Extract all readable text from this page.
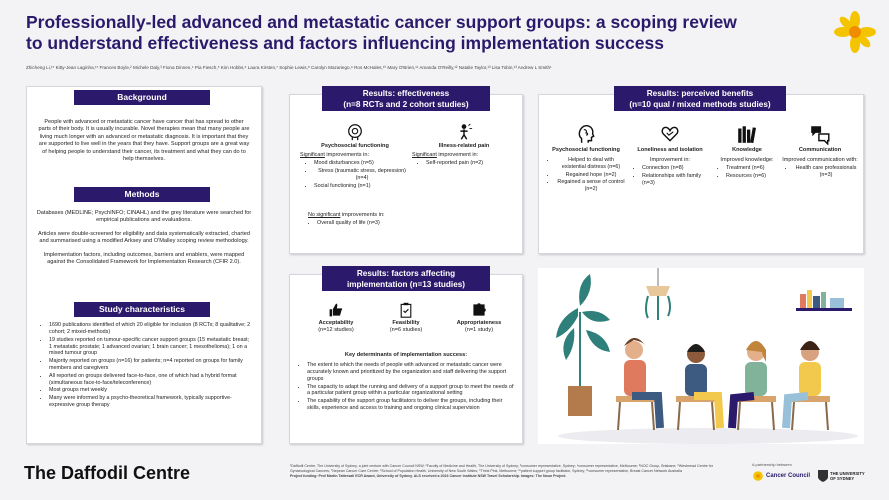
Professionally-led advanced and metastatic cancer support groups: a scoping review
to understand effectiveness and factors influencing implementation success
Zhicheng Li,¹* Kitty-Jean Laginha,¹* Frances Boyle,² Michele Daly,³ Fiona Dinnen,⁴ Pia Fiesch,⁵ Kim Hobbs,⁶ Laura Kirsten,⁷ Sophie Lewis,⁸ Carolyn Mazariego,⁹ Ros McHales,¹⁰ Mary O'Brien,¹¹ Amanda O'Reilly,¹² Natalie Taylor,¹³ Lisa Tobin,¹³ Andrew L Smith¹
Background
People with advanced or metastatic cancer have cancer that has spread to other parts of their body. It is usually incurable. Novel therapies mean that many people are living much longer with an advanced or metastatic diagnosis. It is important that they are supported to live well in the years that they have. Support groups are a great way of helping people to understand their cancer, its treatment and what they can do to help themselves.
Methods
Databases (MEDLINE; PsychINFO; CINAHL) and the grey literature were searched for empirical publications and evaluations.
Articles were double-screened for eligibility and data systematically extracted, charted and summarised using a modified Arksey and O'Malley scoping review methodology.
Implementation factors, including outcomes, barriers and enablers, were mapped against the Consolidated Framework for Implementation Research (CFIR 2.0).
Study characteristics
• 1690 publications identified of which 20 eligible for inclusion (8 RCTs; 8 qualitative; 2 cohort; 2 mixed-methods)
• 19 studies reported on tumour-specific cancer support groups (15 metastatic breast; 1 metastatic prostate; 1 advanced ovarian; 1 brain cancer; 1 mesothelioma); 1 on a mixed tumour group
• Majority reported on groups (n=16) for patients; n=4 reported on groups for family members and caregivers
• All reported on groups delivered face-to-face, one of which had a hybrid format (simultaneous face-to-face/teleconference)
• Most groups met weekly
• Many were informed by a psycho-theoretical framework, typically supportive-expressive group therapy
Results: effectiveness
(n=8 RCTs and 2 cohort studies)
Psychosocial functioning
Significant improvements in:
• Mood disturbances (n=5)
• Stress (traumatic stress, depression) (n=4)
• Social functioning (n=1)
Illness-related pain
Significant improvement in:
• Self-reported pain (n=2)
No significant improvements in:
• Overall quality of life (n=3)
Results: perceived benefits
(n=10 qual / mixed methods studies)
Psychosocial functioning
• Helped to deal with existential distress (n=6)
• Regained hope (n=2)
• Regained a sense of control (n=2)
Loneliness and isolation
Improvement in:
• Connection (n=8)
• Relationships with family (n=3)
Knowledge
Improved knowledge:
• Treatment (n=6)
• Resources (n=6)
Communication
Improved communication with:
• Health care professionals (n=3)
Results: factors affecting
implementation (n=13 studies)
Acceptability
(n=12 studies)
Feasibility
(n=6 studies)
Appropriateness
(n=1 study)
Key determinants of implementation success:
• The extent to which the needs of people with advanced or metastatic cancer were accurately known and prioritized by the organization and staff delivering the support groups
• The capacity to adapt the running and delivery of a support group to meet the needs of a particular patient group within a particular organizational setting
• The capability of the support group facilitators to deliver the groups, including their skills, experience and access to training and ongoing clinical supervision
The Daffodil Centre	¹Daffodil Centre, The University of Sydney, a joint venture with Cancer Council NSW; ²Faculty of Medicine and Health, The University of Sydney; ³consumer representative, Sydney; ⁴consumer representative, Melbourne; ⁵NOC Group, Brisbane; ⁶Westmead Centre for Gynaecological Cancers; ⁷Nepean Cancer Care Centre; ⁸School of Population Health, University of New South Wales; ⁹Think Pink, Melbourne; ¹⁰patient support group facilitator, Sydney; ¹¹consumer representative, Breast Cancer Network Australia
Project funding: Prof Martin Tattersall ECR Award, University of Sydney. ALS received a 2024 Cancer Institute NSW Travel Scholarship. Images: The Noun Project.
A partnership between
Cancer Council	THE UNIVERSITY OF SYDNEY
